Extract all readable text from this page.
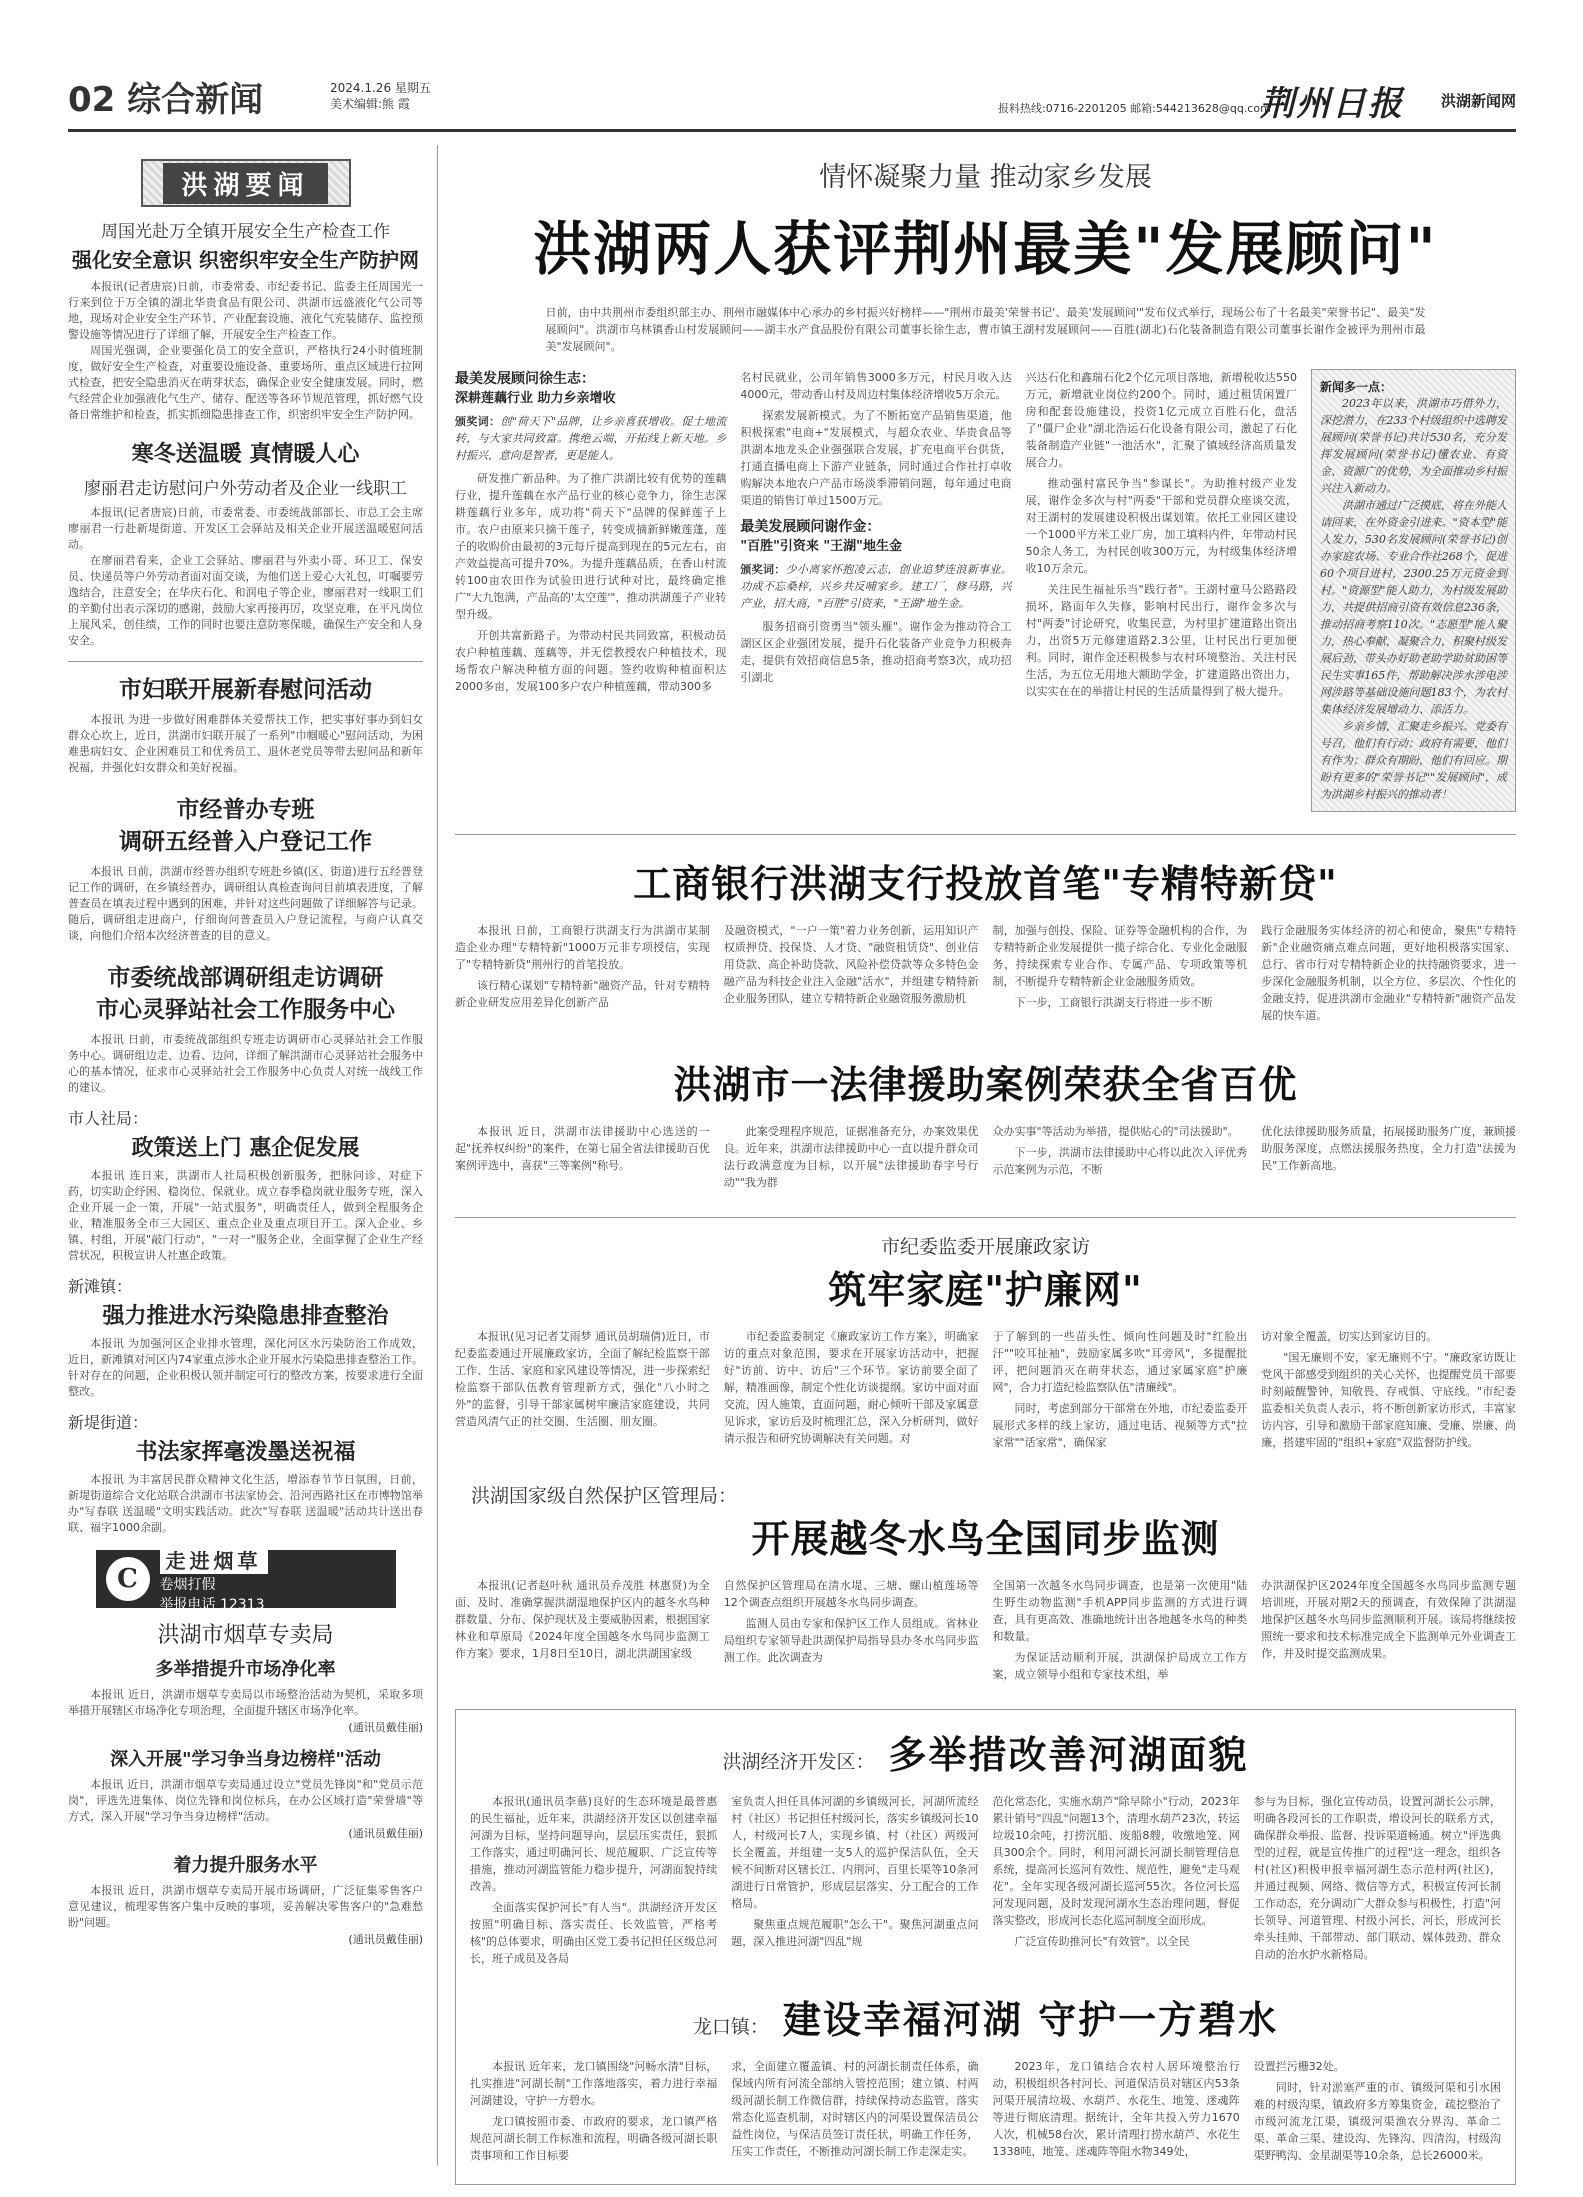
02 综合新闻	2024.1.26 星期五
美术编辑:熊 霞	报料热线:0716-2201205 邮箱:544213628@qq.com
荆州日报 洪湖新闻网
洪湖要闻
周国光赴万全镇开展安全生产检查工作
强化安全意识 织密织牢安全生产防护网

本报讯(记者唐宸)日前，市委常委、市纪委书记、监委主任周国光一行来到位于万全镇的湖北华贵食品有限公司、洪湖市远盛液化气公司等地，现场对企业安全生产环节、产业配套设施、液化气充装储存、监控预警设施等情况进行了详细了解，开展安全生产检查工作。

周国光强调，企业要强化员工的安全意识，严格执行24小时值班制度，做好安全生产检查，对重要设施设备、重要场所、重点区域进行拉网式检查，把安全隐患消灭在萌芽状态，确保企业安全健康发展。同时，燃气经营企业加强液化气生产、储存、配送等各环节规范管理，抓好燃气设备日常维护和检查，抓实抓细隐患排查工作，织密织牢安全生产防护网。

寒冬送温暖 真情暖人心
廖丽君走访慰问户外劳动者及企业一线职工

本报讯(记者唐宸)日前，市委常委、市委统战部部长、市总工会主席廖丽君一行赴新堤街道、开发区工会驿站及相关企业开展送温暖慰问活动。

在廖丽君看来，企业工会驿站、廖丽君与外卖小哥、环卫工、保安员、快递员等户外劳动者面对面交谈，为他们送上爱心大礼包，叮嘱要劳逸结合，注意安全；在华庆石化、和润电子等企业，廖丽君对一线职工们的辛勤付出表示深切的感谢，鼓励大家再接再厉，攻坚克难，在平凡岗位上展风采，创佳绩，工作的同时也要注意防寒保暖，确保生产安全和人身安全。

市妇联开展新春慰问活动

本报讯 为进一步做好困难群体关爱帮扶工作，把实事好事办到妇女群众心坎上，近日，洪湖市妇联开展了一系列"巾帼暖心"慰问活动，为困难患病妇女、企业困难员工和优秀员工、退休老党员等带去慰问品和新年祝福，并强化妇女群众和美好祝福。

市经普办专班
调研五经普入户登记工作

本报讯 日前，洪湖市经普办组织专班赴乡镇(区、街道)进行五经普登记工作的调研，在乡镇经普办，调研组认真检查询问目前填表进度，了解普查员在填表过程中遇到的困难，并针对这些问题做了详细解答与记录。随后，调研组走进商户，仔细询问普查员入户登记流程，与商户认真交谈，向他们介绍本次经济普查的目的意义。

市委统战部调研组走访调研
市心灵驿站社会工作服务中心

本报讯 日前，市委统战部组织专班走访调研市心灵驿站社会工作服务中心。调研组边走、边看、边问，详细了解洪湖市心灵驿站社会服务中心的基本情况，征求市心灵驿站社会工作服务中心负责人对统一战线工作的建议。

市人社局：
政策送上门 惠企促发展

本报讯 连日来，洪湖市人社局积极创新服务，把脉问诊、对症下药，切实助企纾困、稳岗位、保就业。成立春季稳岗就业服务专班，深入企业开展一企一策，开展"一站式服务"，明确责任人，做到全程服务企业，精准服务全市三大园区、重点企业及重点项目开工。深入企业、乡镇、村组，开展"敲门行动"，"一对一"服务企业，全面掌握了企业生产经营状况，积极宣讲人社惠企政策。

新滩镇：
强力推进水污染隐患排查整治

本报讯 为加强河区企业排水管理，深化河区水污染防治工作成效，近日，新滩镇对河区内74家重点涉水企业开展水污染隐患排查整治工作。针对存在的问题，企业积极认领并制定可行的整改方案，按要求进行全面整改。

新堤街道：
书法家挥毫泼墨送祝福

本报讯 为丰富居民群众精神文化生活，增添春节节日氛围，日前，新堤街道综合文化站联合洪湖市书法家协会、沿河西路社区在市博物馆举办"写春联 送温暖"文明实践活动。此次"写春联 送温暖"活动共计送出春联、福字1000余副。

C
走进烟草
卷烟打假
举报电话 12313
洪湖市烟草专卖局
多举措提升市场净化率

本报讯 近日，洪湖市烟草专卖局以市场整治活动为契机，采取多项举措开展辖区市场净化专项治理，全面提升辖区市场净化率。

(通讯员戴佳丽)
深入开展"学习争当身边榜样"活动

本报讯 近日，洪湖市烟草专卖局通过设立"党员先锋岗"和"党员示范岗"，评选先进集体、岗位先锋和岗位标兵，在办公区域打造"荣誉墙"等方式，深入开展"学习争当身边榜样"活动。

(通讯员戴佳丽)
着力提升服务水平

本报讯 近日，洪湖市烟草专卖局开展市场调研，广泛征集零售客户意见建议，梳理零售客户集中反映的事项，妥善解决零售客户的"急难愁盼"问题。

(通讯员戴佳丽)
情怀凝聚力量 推动家乡发展
洪湖两人获评荆州最美"发展顾问"

日前，由中共荆州市委组织部主办、荆州市融媒体中心承办的乡村振兴好榜样——"荆州市最美'荣誉书记'、最美'发展顾问'"发布仪式举行，现场公布了十名最美"荣誉书记"、最美"发展顾问"。洪湖市乌林镇香山村发展顾问——湖丰水产食品股份有限公司董事长徐生志，曹市镇王湖村发展顾问——百胜(湖北)石化装备制造有限公司董事长谢作金被评为荆州市最美"发展顾问"。

最美发展顾问徐生志：
深耕莲藕行业 助力乡亲增收
颁奖词：创"荷天下"品牌，让乡亲喜获增收。促土地流转，与大家共同致富。携绝云端，开拓线上新天地。乡村振兴，意向是智者，更是能人。

研发推广新品种。为了推广洪湖比较有优势的莲藕行业，提升莲藕在水产品行业的核心竞争力，徐生志深耕莲藕行业多年，成功将"荷天下"品牌的保鲜莲子上市。农户由原来只摘干莲子，转变成摘新鲜嫩莲蓬，莲子的收购价由最初的3元每斤提高到现在的5元左右，亩产效益提高可提升70%。为提升莲藕品质，在香山村流转100亩农田作为试验田进行试种对比，最终确定推广"大九饱满，产品高的'太空莲'"，推动洪湖莲子产业转型升级。

开创共富新路子。为带动村民共同致富，积极动员农户种植莲藕、莲藕等，并无偿教授农户种植技术，现场帮农户解决种植方面的问题。签约收购种植面积达2000多亩，发展100多户农户种植莲藕，带动300多

名村民就业，公司年销售3000多万元，村民月收入达4000元，带动香山村及周边村集体经济增收5万余元。

探索发展新模式。为了不断拓宽产品销售渠道，他积极探索"电商+"发展模式，与超众农业、华贵食品等洪湖本地龙头企业强强联合发展，扩充电商平台供货，打通直播电商上下游产业链条，同时通过合作社打卓收购解决本地农户产品市场淡季滞销问题，每年通过电商渠道的销售订单过1500万元。

最美发展顾问谢作金：
"百胜"引资来 "王湖"地生金
颁奖词：少小离家怀抱凌云志，创业追梦连浪新事业。功成不忘桑梓，兴乡共反哺家乡。建工厂，修马路，兴产业，招大商，"百胜"引资来，"王湖"地生金。

服务招商引资勇当"领头雁"。谢作金为推动符合工湖区区企业强团发展，提升石化装备产业竞争力积极奔走，提供有效招商信息5条，推动招商考察3次，成功招引湖北

兴达石化和鑫瑞石化2个亿元项目落地，新增税收达550万元，新增就业岗位约200个。同时，通过租赁闲置厂房和配套设施建设，投资1亿元成立百胜石化，盘活了"僵尸企业"湖北浩运石化设备有限公司，激起了石化装备制造产业链"一池活水"，汇聚了镇域经济高质量发展合力。

推动强村富民争当"参谋长"。为助推村级产业发展，谢作金多次与村"两委"干部和党员群众座谈交流，对王湖村的发展建设积极出谋划策。依托工业园区建设一个1000平方米工业厂房，加工填料内件，年带动村民50余人务工，为村民创收300万元，为村级集体经济增收10万余元。

关注民生福祉乐当"践行者"。王湖村童马公路路段损坏，路面年久失修，影响村民出行，谢作金多次与村"两委"讨论研究，收集民意，为村里扩建道路出资出力，出资5万元修建道路2.3公里，让村民出行更加便利。同时，谢作金还积极参与农村环境整治、关注村民生活，为五位无用地大额助学金，扩建道路出资出力，以实实在在的举措让村民的生活质量得到了极大提升。

新闻多一点：

2023年以来，洪湖市巧借外力，深挖潜力，在233个村级组织中选聘发展顾问(荣誉书记)共计530名，充分发挥发展顾问(荣誉书记)懂农业、有资金、资源广的优势，为全面推动乡村振兴注入新动力。

洪湖市通过广泛摸底，将在外能人请回来，在外资金引进来。"资本型"能人发力，530名发展顾问(荣誉书记)创办家庭农场、专业合作社268个，促进60个项目进村，2300.25万元资金到村。"资源型"能人助力，为村级发展助力，共提供招商引资有效信息236条，推动招商考察110次。"志愿型"能人聚力，热心奉献，凝聚合力，积聚村级发展后劲，带头办好助老助学助贫助困等民生实事165件，帮助解决涉水涉电涉网涉路等基础设施问题183个，为农村集体经济发展增动力、添活力。

乡亲乡情，汇聚走乡振兴。党委有号召，他们有行动；政府有需要，他们有作为；群众有期盼，他们有回应。期盼有更多的"荣誉书记""发展顾问"，成为洪湖乡村振兴的推动者！

工商银行洪湖支行投放首笔"专精特新贷"

本报讯 日前，工商银行洪湖支行为洪湖市某制造企业办理"专精特新"1000万元非专项授信，实现了"专精特新贷"荆州行的首笔投放。

该行精心谋划"专精特新"融资产品，针对专精特新企业研发应用差异化创新产品

及融资模式，"一户一策"着力业务创新，运用知识产权质押贷、投保贷、人才贷、"融资租赁贷"、创业信用贷款、高企补助贷款、风险补偿贷款等众多特色金融产品为科技企业注入金融"活水"，并组建专精特新企业服务团队，建立专精特新企业融资服务激励机

制，加强与创投、保险、证券等金融机构的合作，为专精特新企业发展提供一揽子综合化、专业化金融服务，持续探索专业合作、专属产品、专项政策等机制，不断提升专精特新企业金融服务质效。

下一步，工商银行洪湖支行将进一步不断

践行金融服务实体经济的初心和使命，聚焦"专精特新"企业融资痛点难点问题，更好地积极落实国家、总行、省市行对专精特新企业的扶持融资要求，进一步深化金融服务机制，以全方位、多层次、个性化的金融支持，促进洪湖市金融业"专精特新"融资产品发展的快车道。

洪湖市一法律援助案例荣获全省百优

本报讯 近日，洪湖市法律援助中心选送的一起"抚养权纠纷"的案件，在第七届全省法律援助百优案例评选中，喜获"三等案例"称号。

此案受理程序规范，证据准备充分，办案效果优良。近年来，洪湖市法律援助中心一直以提升群众司法行政满意度为目标，以开展"法律援助春字号行动""我为群

众办实事"等活动为举措，提供贴心的"司法援助"。

下一步，洪湖市法律援助中心将以此次入评优秀示范案例为示范，不断

优化法律援助服务质量，拓展援助服务广度，兼顾援助服务深度，点燃法援服务热度，全力打造"法援为民"工作新高地。

市纪委监委开展廉政家访
筑牢家庭"护廉网"

本报讯(见习记者艾雨梦 通讯员胡瑞倩)近日，市纪委监委通过开展廉政家访，全面了解纪检监察干部工作、生活、家庭和家风建设等情况，进一步探索纪检监察干部队伍教育管理新方式，强化"八小时之外"的监督，引导干部家属树牢廉洁家庭建设，共同营造风清气正的社交圈、生活圈、朋友圈。

市纪委监委制定《廉政家访工作方案》，明确家访的重点对象范围，要求在开展家访活动中，把握好"访前、访中、访后"三个环节。家访前要全面了解，精准画像，制定个性化访谈提纲。家访中面对面交流，因人施策，直面问题，耐心倾听干部及家属意见诉求，家访后及时梳理汇总，深入分析研判，做好请示报告和研究协调解决有关问题。对

于了解到的一些苗头性、倾向性问题及时"红脸出汗""咬耳扯袖"，鼓励家属多吹"耳旁风"，多提醒批评，把问题消灭在萌芽状态，通过家属家庭"护廉网"，合力打造纪检监察队伍"清廉线"。

同时，考虑到部分干部常在外地，市纪委监委开展形式多样的线上家访，通过电话、视频等方式"拉家常""话家常"，确保家

访对象全覆盖，切实达到家访目的。

"国无廉则不安，家无廉则不宁。"廉政家访既让党风干部感受到组织的关心关怀，也提醒党员干部要时刻敲醒警钟，知敬畏、存戒惧、守底线。"市纪委监委相关负责人表示，将不断创新家访形式，丰富家访内容，引导和激励干部家庭知廉、受廉、崇廉、尚廉，搭建牢固的"组织+家庭"双监督防护线。

洪湖国家级自然保护区管理局：
开展越冬水鸟全国同步监测

本报讯(记者赵叶秋 通讯员乔茂胜 林惠贤)为全面、及时、准确掌握洪湖湿地保护区内的越冬水鸟种群数量、分布、保护现状及主要威胁因素，根据国家林业和草原局《2024年度全国越冬水鸟同步监测工作方案》要求，1月8日至10日，湖北洪湖国家级

自然保护区管理局在清水堤、三塘、螺山植莲场等12个调查点组织开展越冬水鸟同步调查。

监测人员由专家和保护区工作人员组成。省林业局组织专家领导赴洪湖保护局指导县办冬水鸟同步监测工作。此次调查为

全国第一次越冬水鸟同步调查，也是第一次使用"陆生野生动物监测"手机APP同步监测的方式进行调查，具有更高效、准确地统计出各地越冬水鸟的种类和数量。

为保证活动顺利开展，洪湖保护局成立工作方案，成立领导小组和专家技术组，举

办洪湖保护区2024年度全国越冬水鸟同步监测专题培训班，开展对期2天的预调查，有效保障了洪湖湿地保护区越冬水鸟同步监测顺利开展。该局将继续按照统一要求和技术标准完成全下监测单元外业调查工作，并及时提交监测成果。

洪湖经济开发区： 多举措改善河湖面貌

本报讯(通讯员李慕)良好的生态环境是最普惠的民生福祉，近年来，洪湖经济开发区以创建幸福河湖为目标，坚持问题导向，层层压实责任，狠抓工作落实，通过明确河长、规范履职、广泛宣传等措施，推动河湖监管能力稳步提升，河湖面貌持续改善。

全面落实保护河长"有人当"。洪湖经济开发区按照"明确目标、落实责任、长效监管，严格考核"的总体要求，明确由区党工委书记担任区级总河长，班子成员及各局

室负责人担任具体河湖的乡镇级河长，河湖所流经村（社区）书记担任村级河长，落实乡镇级河长10人，村级河长7人，实现乡镇、村（社区）两级河长全覆盖，并组建一支5人的巡护保洁队伍，全天候不间断对区辖长江、内荆河、百里长渠等10条河湖进行日常管护，形成层层落实、分工配合的工作格局。

聚焦重点规范履职"怎么干"。聚焦河湖重点问题，深入推进河湖"四乱"规

范化常态化，实施水葫芦"除早除小"行动，2023年累计销号"四乱"问题13个，清理水葫芦23次，转运垃圾10余吨，打捞沉船、废船8艘，收缴地笼、网具300余个。同时，利用河湖长河湖长制管理信息系统，提高河长巡河有效性、规范性，避免"走马观花"。全年实现各级河湖长巡河55次。各位河长巡河发现问题，及时发现河湖水生态治理问题，督促落实整改，形成河长态化巡河制度全面形成。

广泛宣传助推河长"有效管"。以全民

参与为目标，强化宣传动员，设置河湖长公示牌，明确各段河长的工作职责，增设河长的联系方式，确保群众举报、监督、投诉渠道畅通。树立"评选典型的过程，就是宣传推广的过程"这一理念，组织各村(社区)积极申报幸福河湖生态示范村两(社区)，并通过视频、网络、微信等方式，积极宣传河长制工作动态，充分调动广大群众参与积极性，打造"河长领导、河道管理、村级小河长，河长，形成河长牵头挂帅、干部带动、部门联动、媒体鼓劲、群众自动的治水护水新格局。

龙口镇： 建设幸福河湖 守护一方碧水

本报讯 近年来，龙口镇围绕"河畅水清"目标，扎实推进"河湖长制"工作落地落实，着力进行幸福河湖建设，守护一方碧水。

龙口镇按照市委、市政府的要求，龙口镇严格规范河湖长制工作标准和流程，明确各级河湖长职责事项和工作目标要

求，全面建立覆盖镇、村的河湖长制责任体系，确保域内所有河流全部纳入管控范围；建立镇、村两级河湖长制工作微信群，持续保持动态监管，落实常态化巡查机制，对时辖区内的河渠设置保洁员公益性岗位，与保洁员签订责任状，明确工作任务，压实工作责任，不断推动河湖长制工作走深走实。

2023年，龙口镇结合农村人居环境整治行动，积极组织各村河长、河道保洁员对辖区内53条河渠开展清垃圾、水葫芦、水花生、地笼、迷魂阵等进行彻底清理。据统计，全年共投入劳力1670人次，机械58台次，累计清理打捞水葫芦、水花生1338吨，地笼、迷魂阵等阻水物349处，

设置拦污栅32处。

同时，针对淤塞严重的市、镇级河渠和引水困难的村级沟渠，镇政府多方筹集资金，疏挖整治了市级河流龙江渠，镇级河渠渔农分界沟、革命二渠、革命三渠、建设沟、先锋沟、四清沟，村级沟渠野鸭沟、金星湖渠等10余条，总长26000米。
